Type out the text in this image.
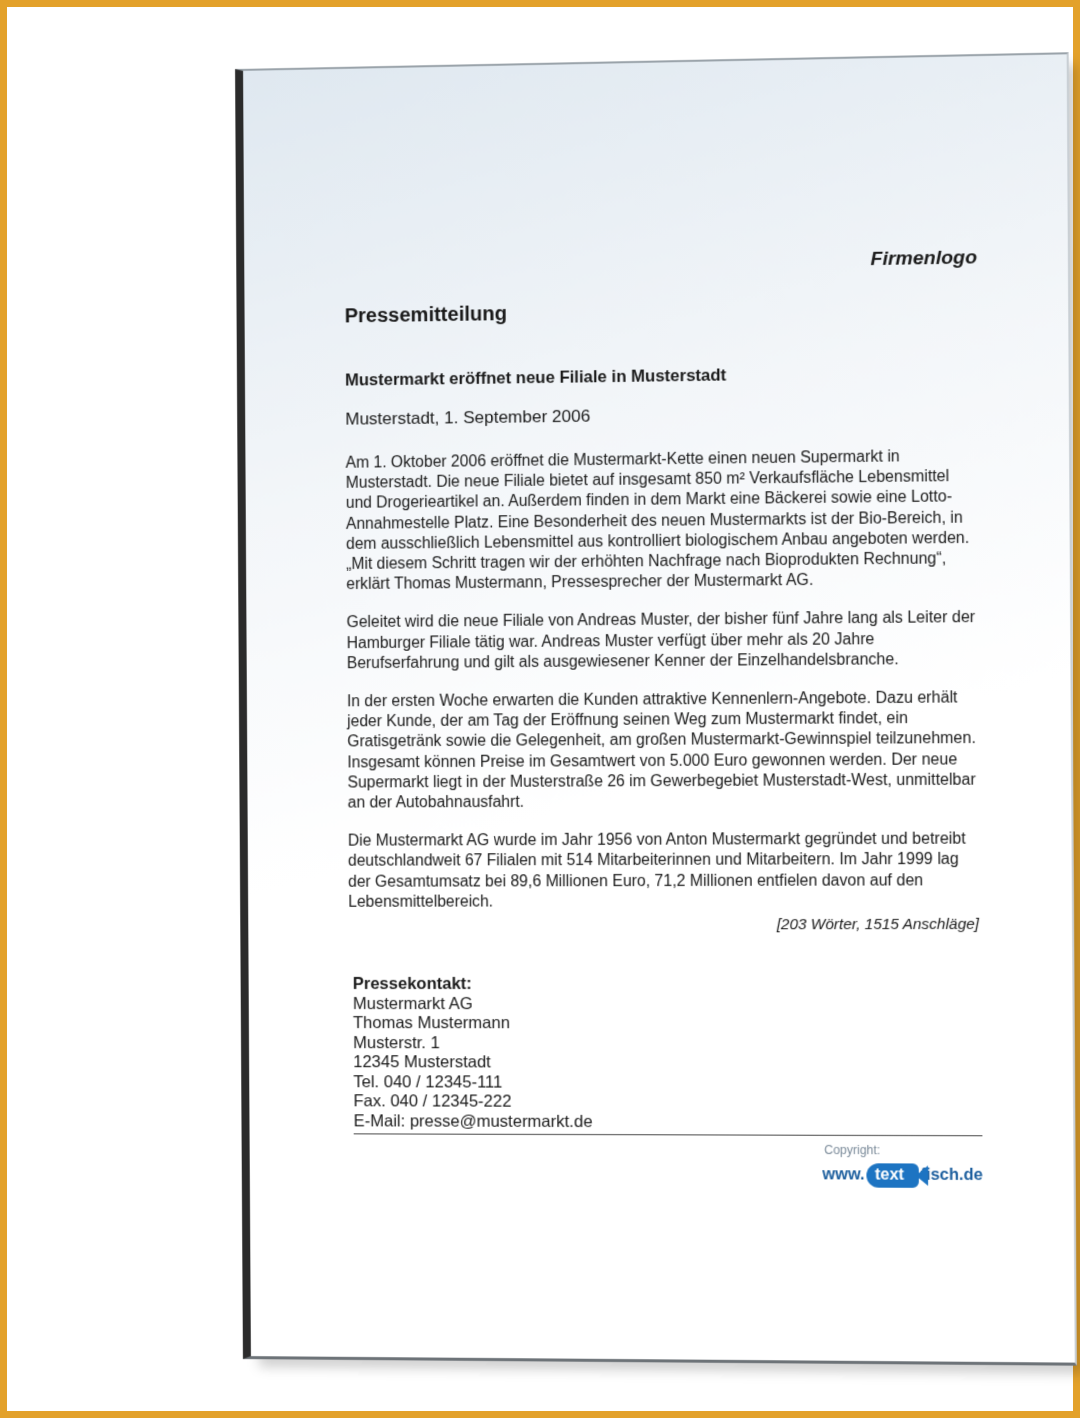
Firmenlogo
Pressemitteilung
Mustermarkt eröffnet neue Filiale in Musterstadt
Musterstadt, 1. September 2006

Am 1. Oktober 2006 eröffnet die Mustermarkt-Kette einen neuen Supermarkt in Musterstadt. Die neue Filiale bietet auf insgesamt 850 m² Verkaufsfläche Lebensmittel und Drogerieartikel an. Außerdem finden in dem Markt eine Bäckerei sowie eine Lotto-Annahmestelle Platz. Eine Besonderheit des neuen Mustermarkts ist der Bio-Bereich, in dem ausschließlich Lebensmittel aus kontrolliert biologischem Anbau angeboten werden. „Mit diesem Schritt tragen wir der erhöhten Nachfrage nach Bioprodukten Rechnung“, erklärt Thomas Mustermann, Pressesprecher der Mustermarkt AG.

Geleitet wird die neue Filiale von Andreas Muster, der bisher fünf Jahre lang als Leiter der Hamburger Filiale tätig war. Andreas Muster verfügt über mehr als 20 Jahre Berufserfahrung und gilt als ausgewiesener Kenner der Einzelhandelsbranche.

In der ersten Woche erwarten die Kunden attraktive Kennenlern-Angebote. Dazu erhält jeder Kunde, der am Tag der Eröffnung seinen Weg zum Mustermarkt findet, ein Gratisgetränk sowie die Gelegenheit, am großen Mustermarkt-Gewinnspiel teilzunehmen. Insgesamt können Preise im Gesamtwert von 5.000 Euro gewonnen werden. Der neue Supermarkt liegt in der Musterstraße 26 im Gewerbegebiet Musterstadt-West, unmittelbar an der Autobahnausfahrt.

Die Mustermarkt AG wurde im Jahr 1956 von Anton Mustermarkt gegründet und betreibt deutschlandweit 67 Filialen mit 514 Mitarbeiterinnen und Mitarbeitern. Im Jahr 1999 lag der Gesamtumsatz bei 89,6 Millionen Euro, 71,2 Millionen entfielen davon auf den Lebensmittelbereich.

[203 Wörter, 1515 Anschläge]
Pressekontakt:
Mustermarkt AG
Thomas Mustermann
Musterstr. 1
12345 Musterstadt
Tel. 040 / 12345-111
Fax. 040 / 12345-222
E-Mail: presse@mustermarkt.de
Copyright:
www. text	fisch.de
